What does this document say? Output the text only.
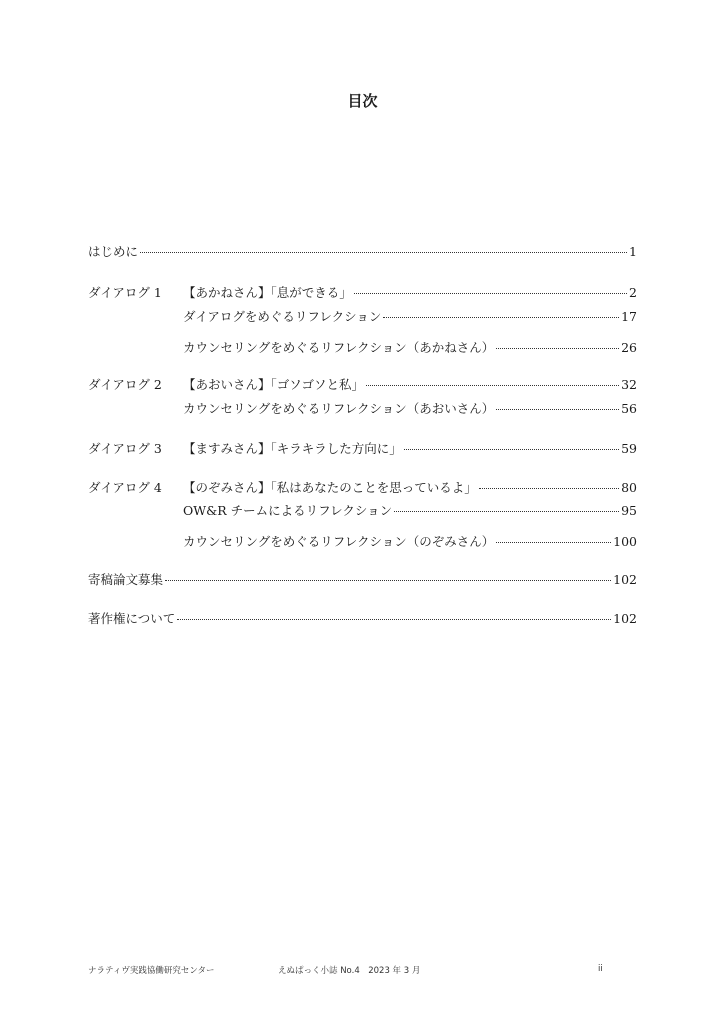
目次
はじめに	1
ダイアログ 1 【あかねさん】「息ができる」	2
ダイアログをめぐるリフレクション	17
カウンセリングをめぐるリフレクション（あかねさん）	26
ダイアログ 2 【あおいさん】「ゴソゴソと私」	32
カウンセリングをめぐるリフレクション（あおいさん）	56
ダイアログ 3 【ますみさん】「キラキラした方向に」	59
ダイアログ 4 【のぞみさん】「私はあなたのことを思っているよ」	80
OW&R チームによるリフレクション	95
カウンセリングをめぐるリフレクション（のぞみさん）	100
寄稿論文募集	102
著作権について	102
ナラティヴ実践協働研究センター	えぬぱっく小誌 No.4　2023 年 3 月	ii
